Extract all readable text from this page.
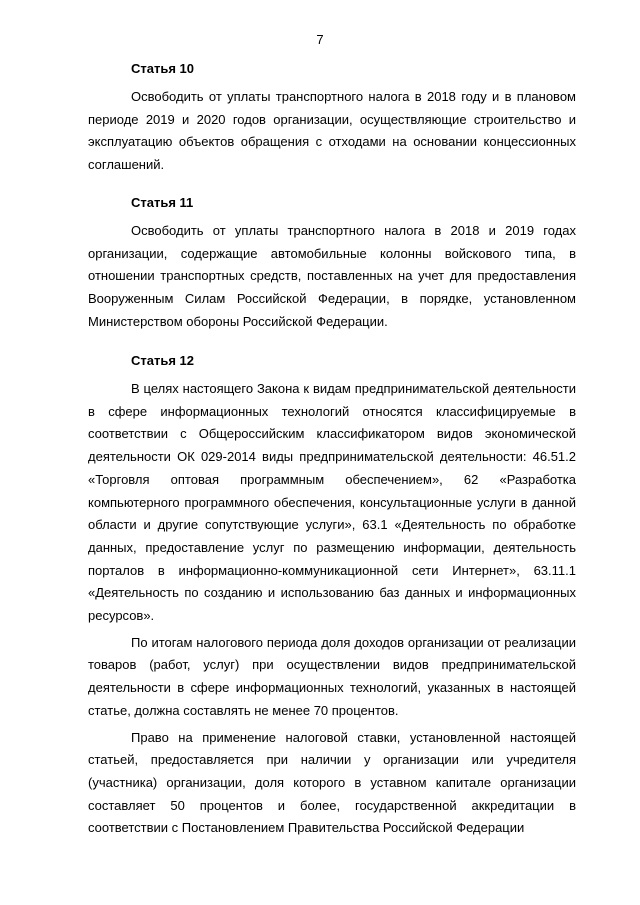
7
Статья 10

Освободить от уплаты транспортного налога в 2018 году и в плановом периоде 2019 и 2020 годов организации, осуществляющие строительство и эксплуатацию объектов обращения с отходами на основании концессионных соглашений.

Статья 11

Освободить от уплаты транспортного налога в 2018 и 2019 годах организации, содержащие автомобильные колонны войскового типа, в отношении транспортных средств, поставленных на учет для предоставления Вооруженным Силам Российской Федерации, в порядке, установленном Министерством обороны Российской Федерации.

Статья 12

В целях настоящего Закона к видам предпринимательской деятельности в сфере информационных технологий относятся классифицируемые в соответствии с Общероссийским классификатором видов экономической деятельности ОК 029-2014 виды предпринимательской деятельности: 46.51.2 «Торговля оптовая программным обеспечением», 62 «Разработка компьютерного программного обеспечения, консультационные услуги в данной области и другие сопутствующие услуги», 63.1 «Деятельность по обработке данных, предоставление услуг по размещению информации, деятельность порталов в информационно-коммуникационной сети Интернет», 63.11.1 «Деятельность по созданию и использованию баз данных и информационных ресурсов».

По итогам налогового периода доля доходов организации от реализации товаров (работ, услуг) при осуществлении видов предпринимательской деятельности в сфере информационных технологий, указанных в настоящей статье, должна составлять не менее 70 процентов.

Право на применение налоговой ставки, установленной настоящей статьей, предоставляется при наличии у организации или учредителя (участника) организации, доля которого в уставном капитале организации составляет 50 процентов и более, государственной аккредитации в соответствии с Постановлением Правительства Российской Федерации
